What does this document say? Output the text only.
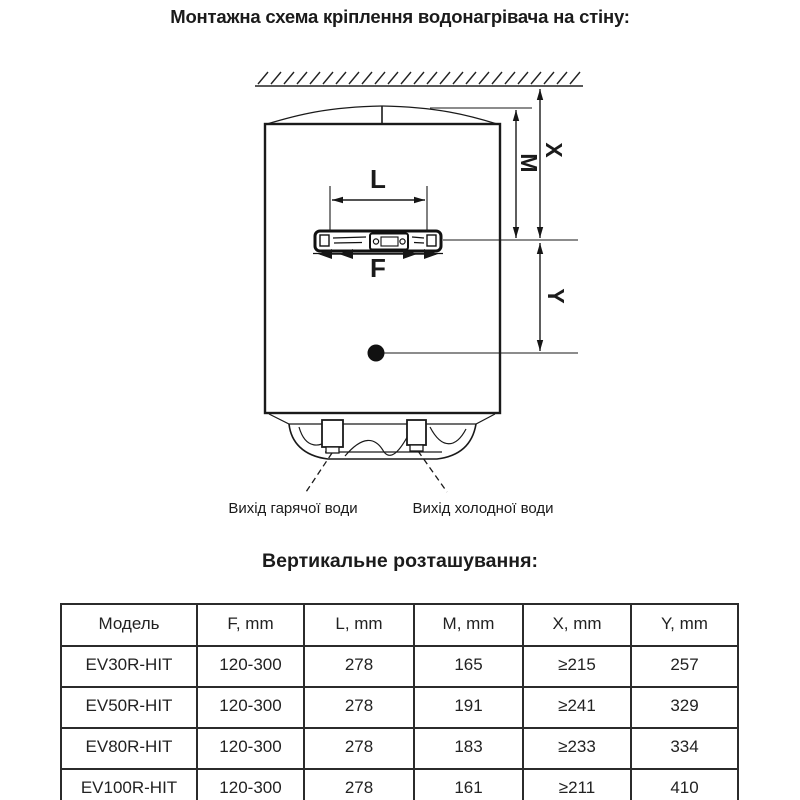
Монтажна схема кріплення водонагрівача на стіну:
L
F
M
X
Y
Вихід гарячої води	Вихід холодної води
Вертикальне розташування:
Модель	F, mm	L, mm	M, mm	X, mm	Y, mm
EV30R-HIT	120-300	278	165	≥215	257
EV50R-HIT	120-300	278	191	≥241	329
EV80R-HIT	120-300	278	183	≥233	334
EV100R-HIT	120-300	278	161	≥211	410
